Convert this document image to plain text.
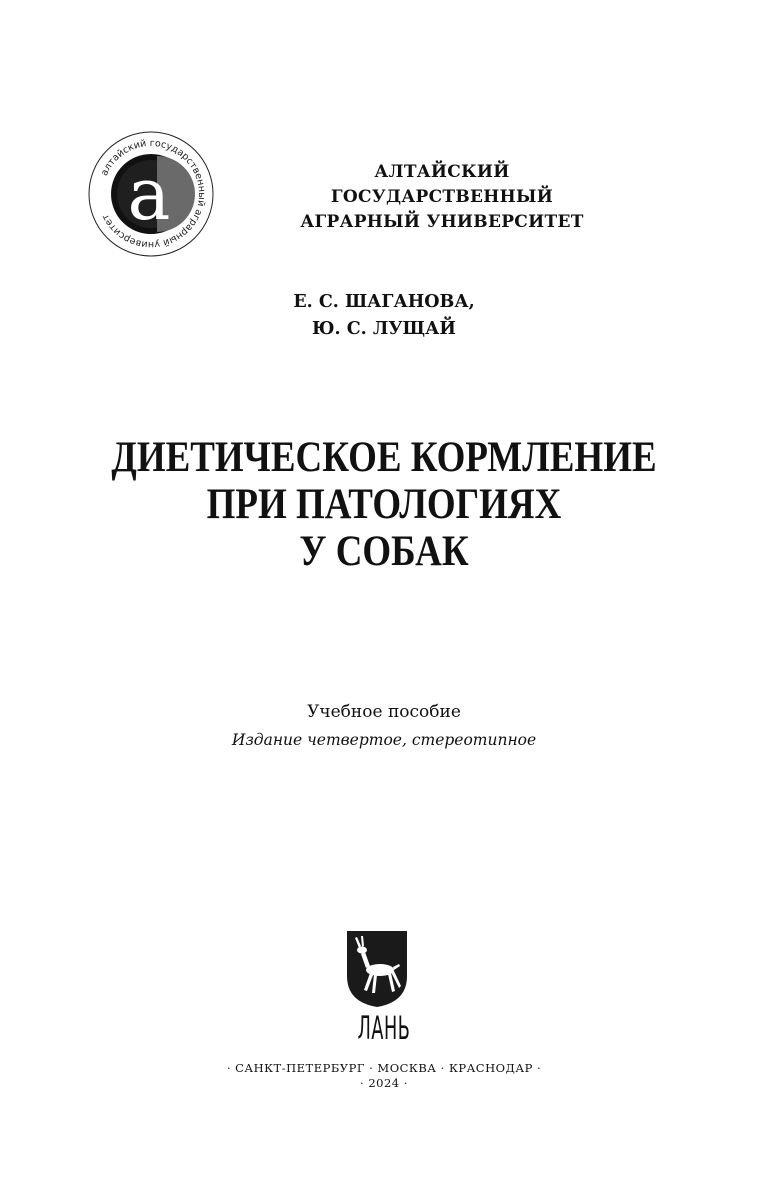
алтайский государственный аграрный университет a	АЛТАЙСКИЙ ГОСУДАРСТВЕННЫЙ
АГРАРНЫЙ УНИВЕРСИТЕТ
Е. С. ШАГАНОВА,
Ю. С. ЛУЩАЙ
ДИЕТИЧЕСКОЕ КОРМЛЕНИЕ
ПРИ ПАТОЛОГИЯХ
У СОБАК
Учебное пособие
Издание четвертое, стереотипное
ЛАНЬ
· САНКТ-ПЕТЕРБУРГ · МОСКВА · КРАСНОДАР ·
· 2024 ·
